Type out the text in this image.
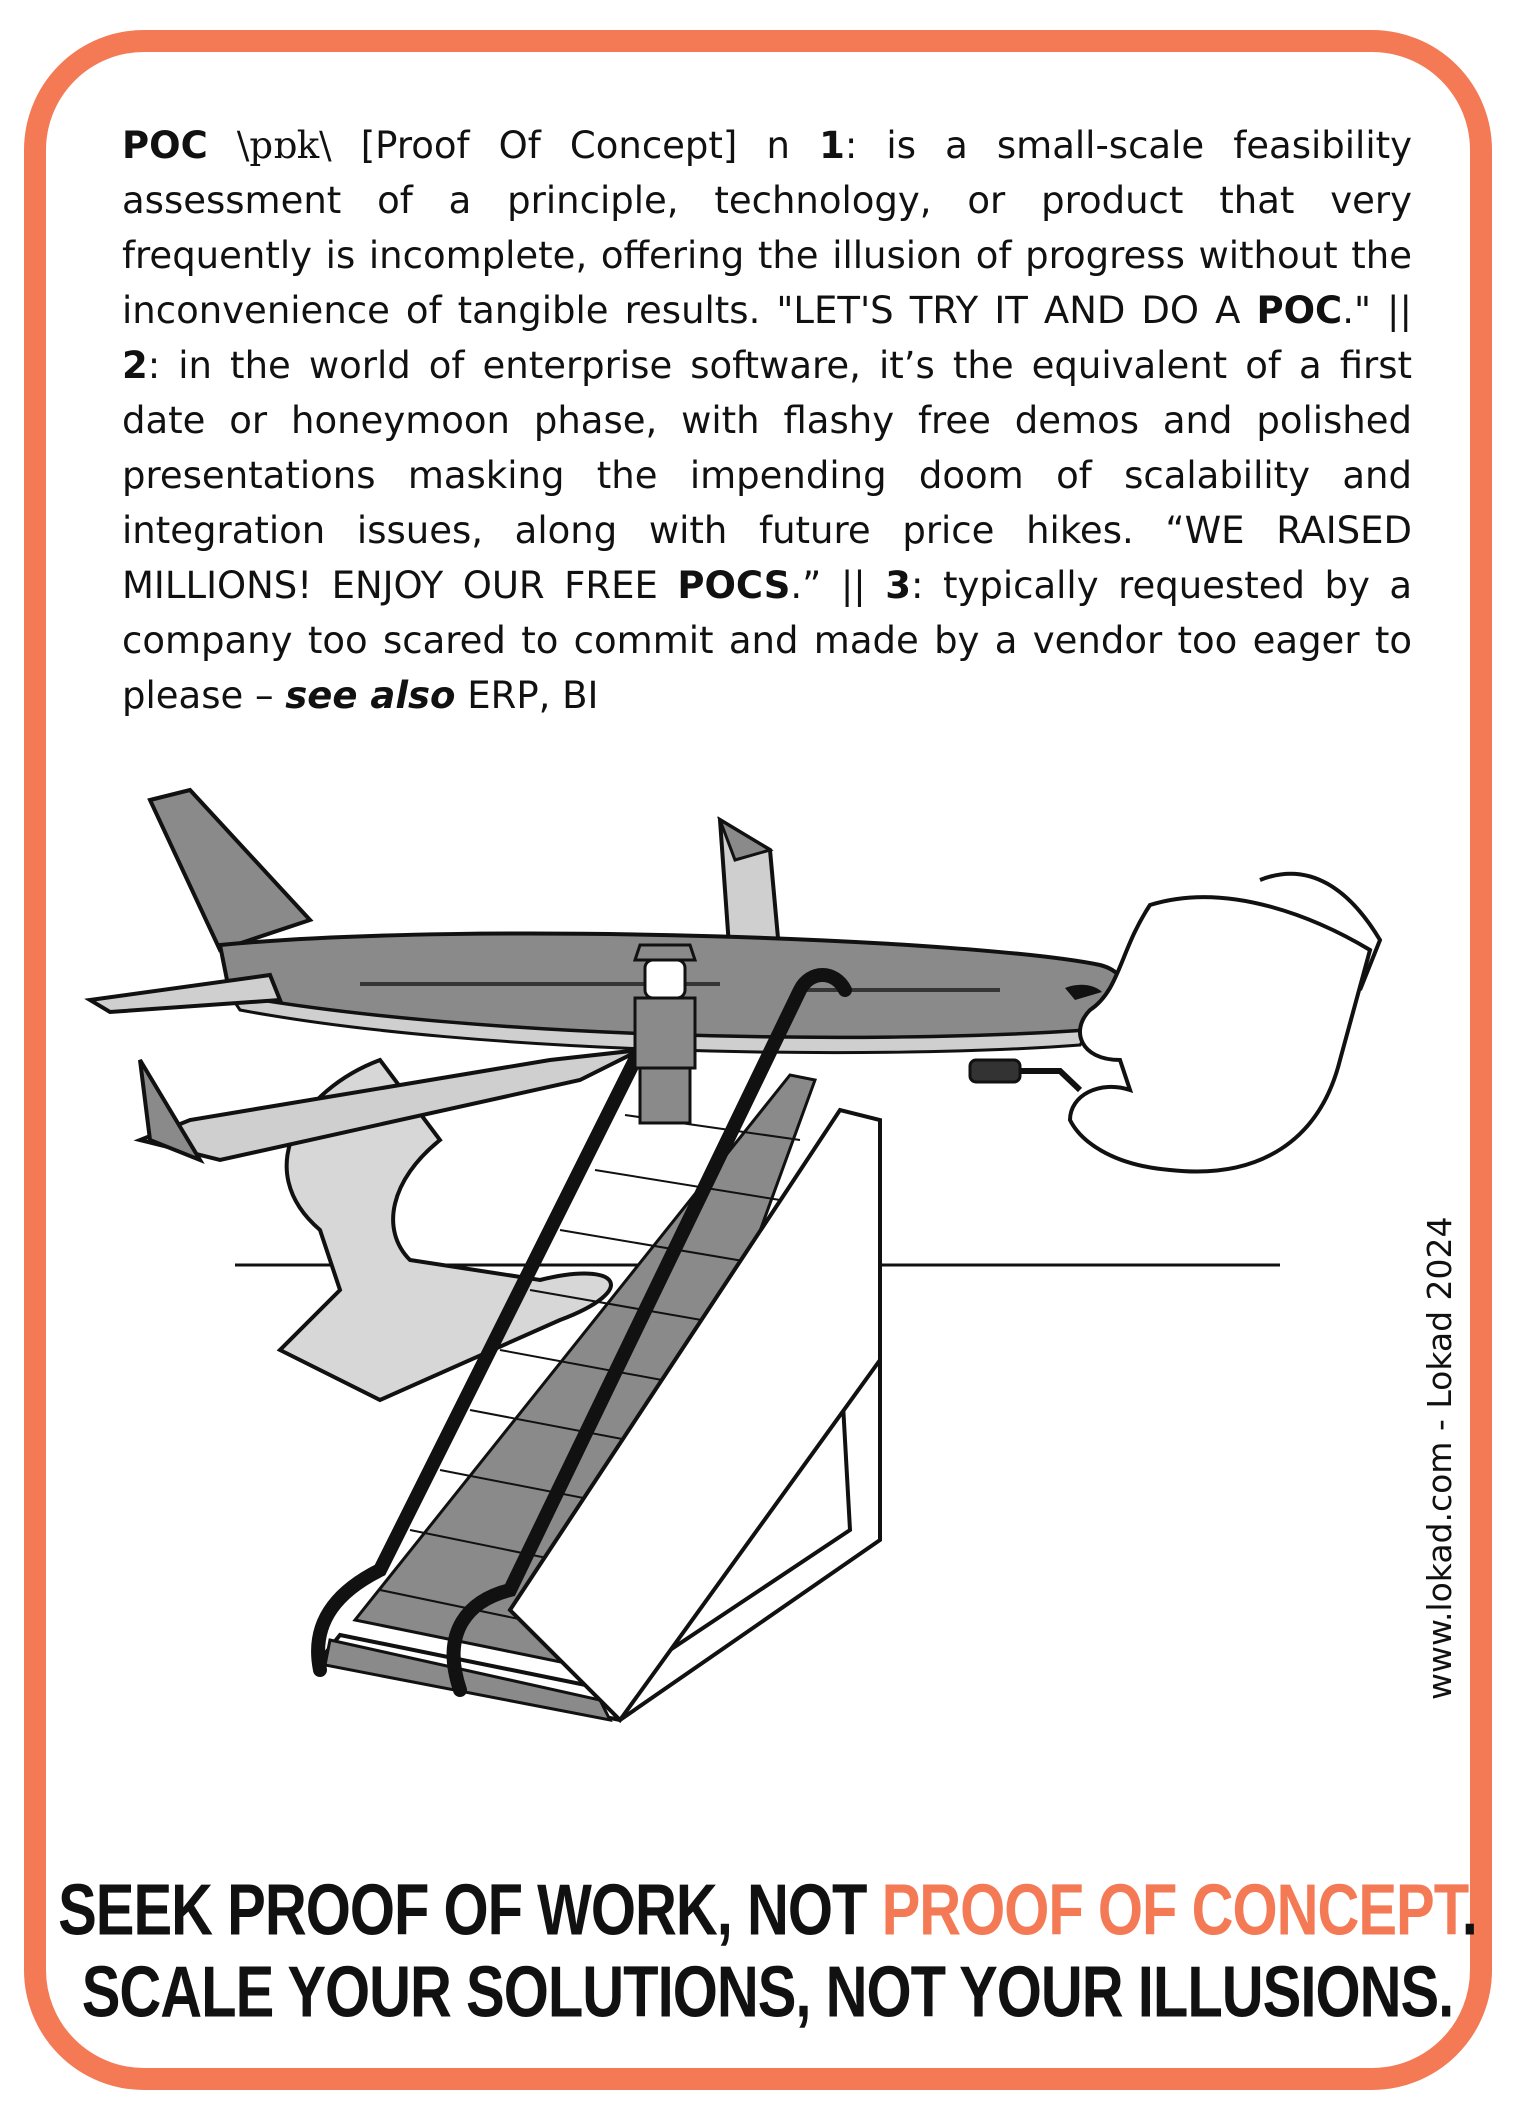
POC \pɒk\ [Proof Of Concept] n 1: is a small-scale feasibility assessment of a principle, technology, or product that very frequently is incomplete, offering the illusion of progress without the inconvenience of tangible results. "LET'S TRY IT AND DO A POC." || 2: in the world of enterprise software, it’s the equivalent of a first date or honeymoon phase, with flashy free demos and polished presentations masking the impending doom of scalability and integration issues, along with future price hikes. “WE RAISED MILLIONS! ENJOY OUR FREE POCS.” || 3: typically requested by a company too scared to commit and made by a vendor too eager to please – see also ERP, BI

www.lokad.com - Lokad 2024
SEEK PROOF OF WORK, NOT PROOF OF CONCEPT.
SCALE YOUR SOLUTIONS, NOT YOUR ILLUSIONS.
